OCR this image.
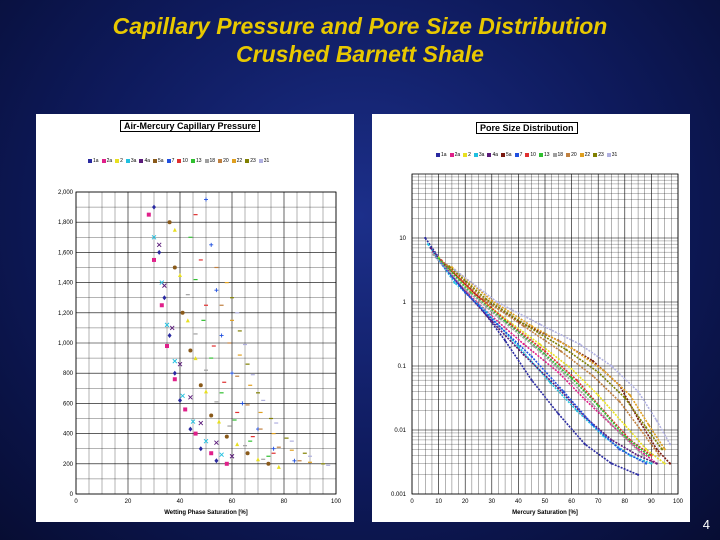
Capillary Pressure and Pore Size Distribution
Crushed Barnett Shale
Air-Mercury Capillary Pressure
1a 2a 2 3a 4a 5a 7 10 13 18 20 22 23 31
0	20	40	60	80	100
0
200
400
600
800
1,000
1,200
1,400
1,600
1,800
2,000
Wetting Phase Saturation [%]
Pore Size Distribution
1a 2a 2 3a 4a 5a 7 10 13 18 20 22 23 31
0	10	20	30	40	50	60	70	80	90	100
0.001
0.01
0.1
1
10
Mercury Saturation [%]
4
